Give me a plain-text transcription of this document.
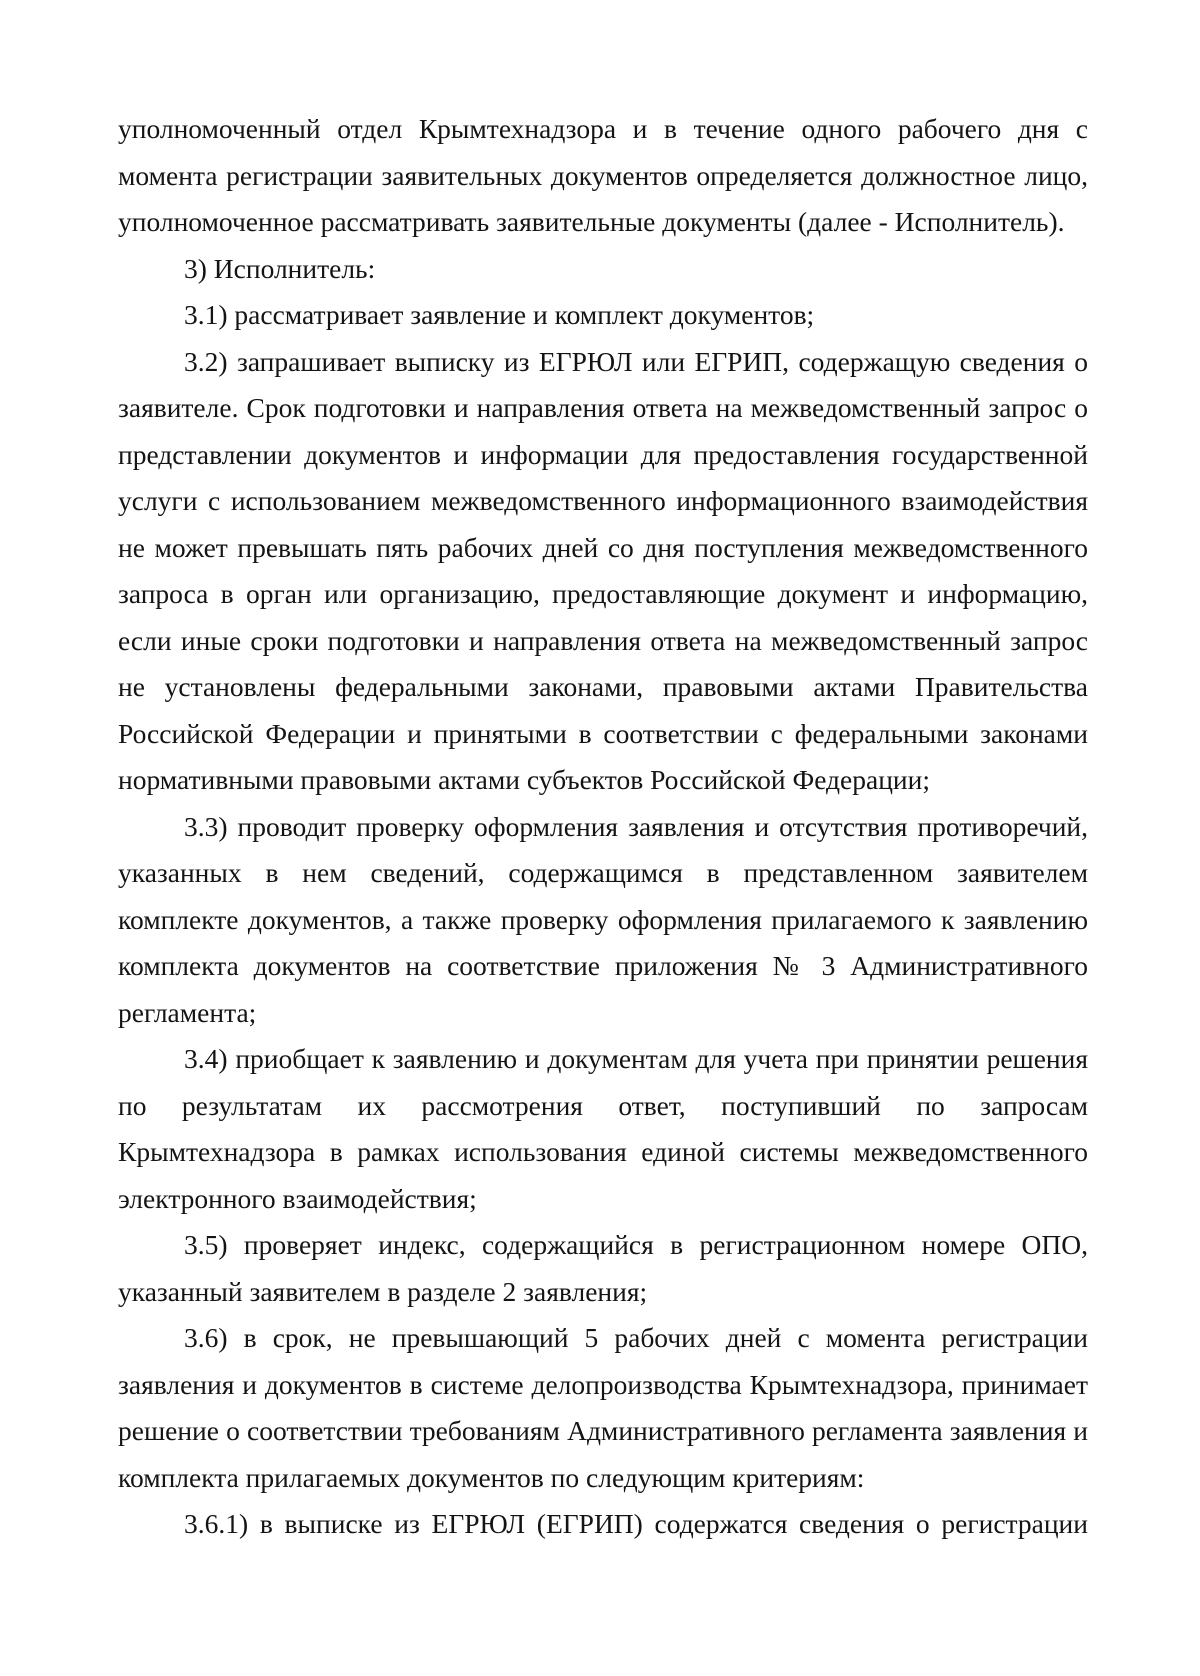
уполномоченный отдел Крымтехнадзора и в течение одного рабочего дня с момента регистрации заявительных документов определяется должностное лицо, уполномоченное рассматривать заявительные документы (далее - Исполнитель).

3) Исполнитель:

3.1) рассматривает заявление и комплект документов;

3.2) запрашивает выписку из ЕГРЮЛ или ЕГРИП, содержащую сведения о заявителе. Срок подготовки и направления ответа на межведомственный запрос о представлении документов и информации для предоставления государственной услуги с использованием межведомственного информационного взаимодействия не может превышать пять рабочих дней со дня поступления межведомственного запроса в орган или организацию, предоставляющие документ и информацию, если иные сроки подготовки и направления ответа на межведомственный запрос не установлены федеральными законами, правовыми актами Правительства Российской Федерации и принятыми в соответствии с федеральными законами нормативными правовыми актами субъектов Российской Федерации;

3.3) проводит проверку оформления заявления и отсутствия противоречий, указанных в нем сведений, содержащимся в представленном заявителем комплекте документов, а также проверку оформления прилагаемого к заявлению комплекта документов на соответствие приложения № 3 Административного регламента;

3.4) приобщает к заявлению и документам для учета при принятии решения по результатам их рассмотрения ответ, поступивший по запросам Крымтехнадзора в рамках использования единой системы межведомственного электронного взаимодействия;

3.5) проверяет индекс, содержащийся в регистрационном номере ОПО, указанный заявителем в разделе 2 заявления;

3.6) в срок, не превышающий 5 рабочих дней с момента регистрации заявления и документов в системе делопроизводства Крымтехнадзора, принимает решение о соответствии требованиям Административного регламента заявления и комплекта прилагаемых документов по следующим критериям:

3.6.1) в выписке из ЕГРЮЛ (ЕГРИП) содержатся сведения о регистрации
